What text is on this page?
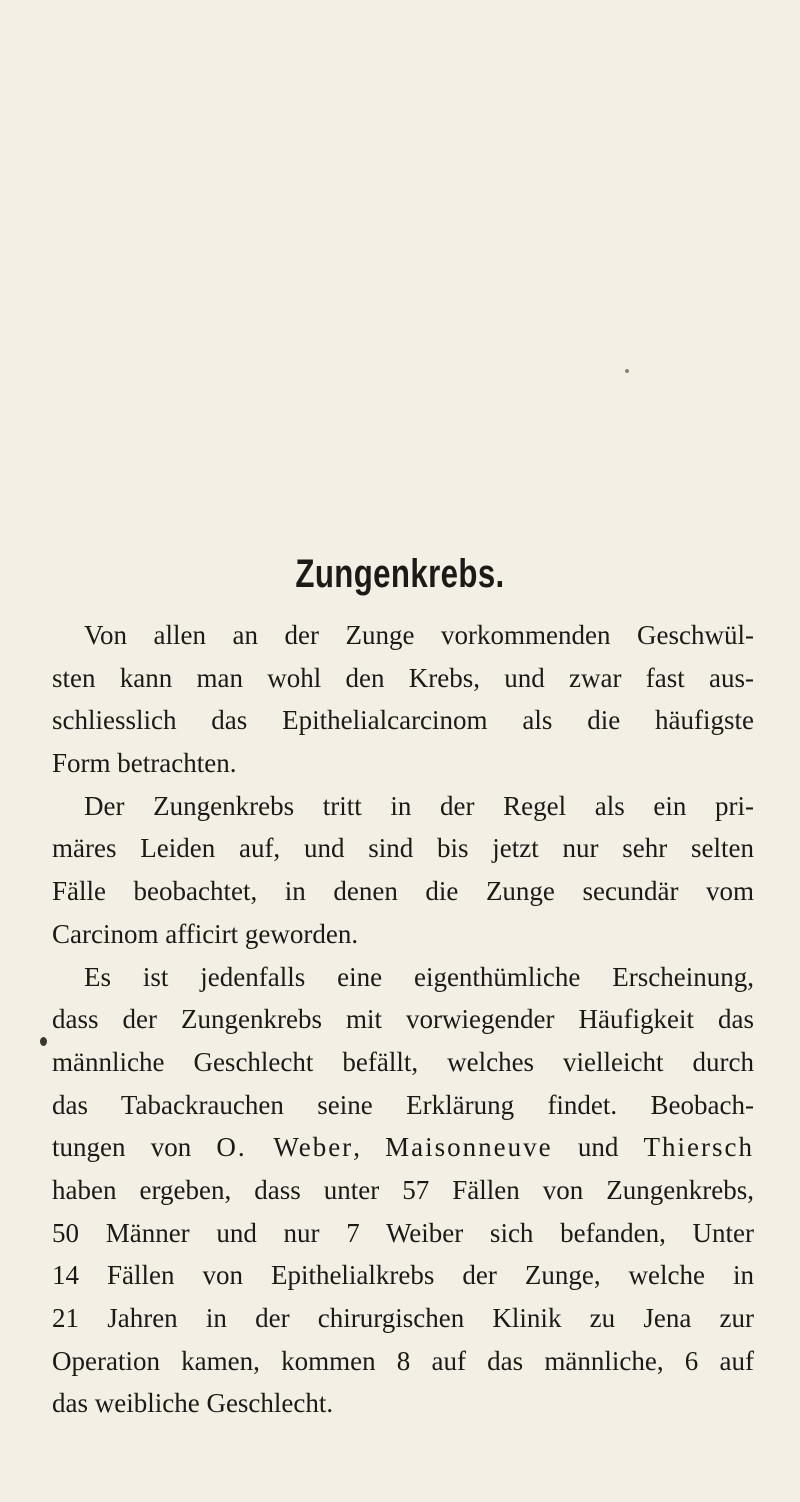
Zungenkrebs.
Von allen an der Zunge vorkommenden Geschwül-
sten kann man wohl den Krebs, und zwar fast aus-
schliesslich das Epithelialcarcinom als die häufigste
Form betrachten.
Der Zungenkrebs tritt in der Regel als ein pri-
märes Leiden auf, und sind bis jetzt nur sehr selten
Fälle beobachtet, in denen die Zunge secundär vom
Carcinom afficirt geworden.
Es ist jedenfalls eine eigenthümliche Erscheinung,
dass der Zungenkrebs mit vorwiegender Häufigkeit das
männliche Geschlecht befällt, welches vielleicht durch
das Tabackrauchen seine Erklärung findet. Beobach-
tungen von O. Weber, Maisonneuve und Thiersch
haben ergeben, dass unter 57 Fällen von Zungenkrebs,
50 Männer und nur 7 Weiber sich befanden, Unter
14 Fällen von Epithelialkrebs der Zunge, welche in
21 Jahren in der chirurgischen Klinik zu Jena zur
Operation kamen, kommen 8 auf das männliche, 6 auf
das weibliche Geschlecht.
